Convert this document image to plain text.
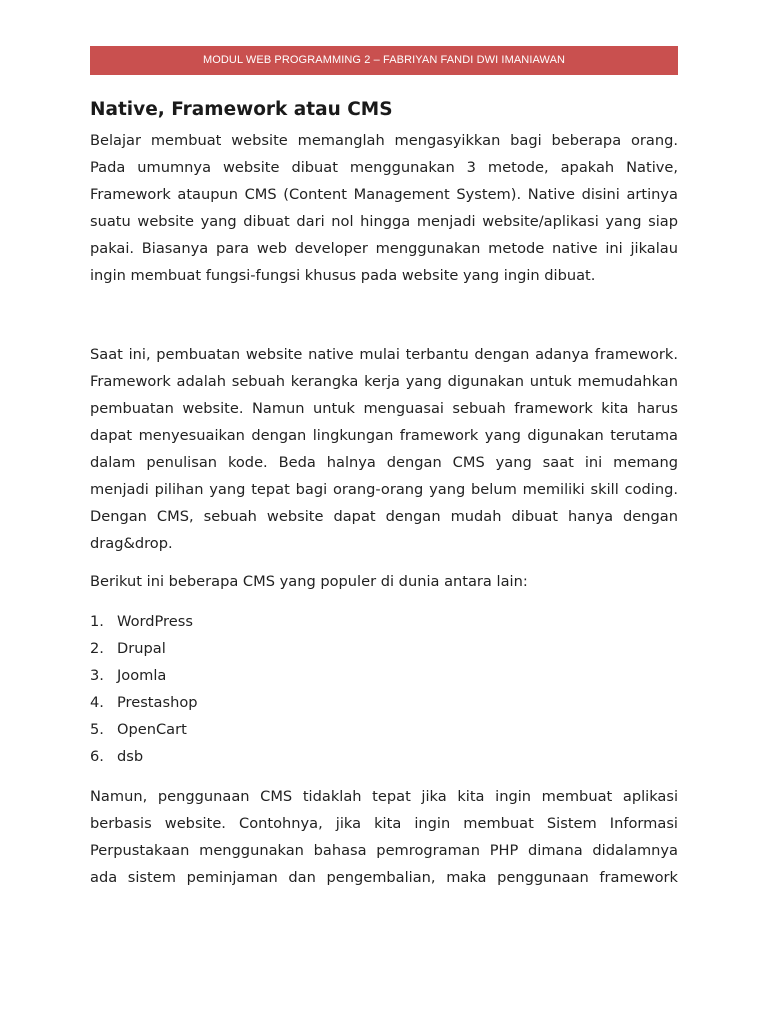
MODUL WEB PROGRAMMING 2 – FABRIYAN FANDI DWI IMANIAWAN
Native, Framework atau CMS

Belajar membuat website memanglah mengasyikkan bagi beberapa orang. Pada umumnya website dibuat menggunakan 3 metode, apakah Native, Framework ataupun CMS (Content Management System). Native disini artinya suatu website yang dibuat dari nol hingga menjadi website/aplikasi yang siap pakai. Biasanya para web developer menggunakan metode native ini jikalau ingin membuat fungsi-fungsi khusus pada website yang ingin dibuat.

Saat ini, pembuatan website native mulai terbantu dengan adanya framework. Framework adalah sebuah kerangka kerja yang digunakan untuk memudahkan pembuatan website. Namun untuk menguasai sebuah framework kita harus dapat menyesuaikan dengan lingkungan framework yang digunakan terutama dalam penulisan kode. Beda halnya dengan CMS yang saat ini memang menjadi pilihan yang tepat bagi orang-orang yang belum memiliki skill coding. Dengan CMS, sebuah website dapat dengan mudah dibuat hanya dengan drag&drop.

Berikut ini beberapa CMS yang populer di dunia antara lain:

1. WordPress
2. Drupal
3. Joomla
4. Prestashop
5. OpenCart
6. dsb

Namun, penggunaan CMS tidaklah tepat jika kita ingin membuat aplikasi berbasis website. Contohnya, jika kita ingin membuat Sistem Informasi Perpustakaan menggunakan bahasa pemrograman PHP dimana didalamnya ada sistem peminjaman dan pengembalian, maka penggunaan framework
